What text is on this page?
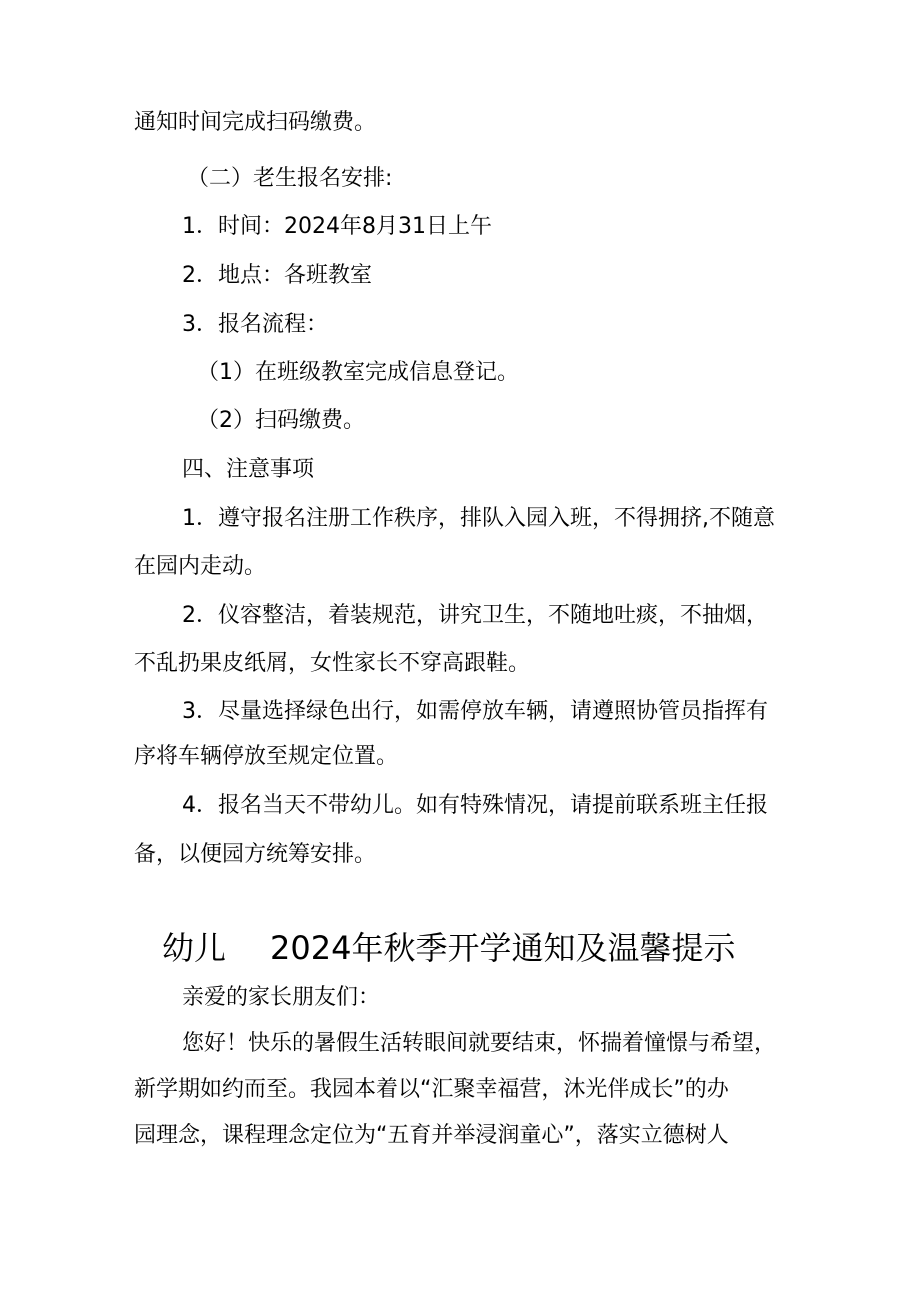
通知时间完成扫码缴费。
（二）老生报名安排:
1．时间：2024年8月31日上午
2．地点：各班教室
3．报名流程：
（1）在班级教室完成信息登记。
（2）扫码缴费。
四、注意事项
1．遵守报名注册工作秩序，排队入园入班，不得拥挤,不随意
在园内走动。
2．仪容整洁，着装规范，讲究卫生，不随地吐痰，不抽烟，
不乱扔果皮纸屑，女性家长不穿高跟鞋。
3．尽量选择绿色出行，如需停放车辆，请遵照协管员指挥有
序将车辆停放至规定位置。
4．报名当天不带幼儿。如有特殊情况，请提前联系班主任报
备，以便园方统筹安排。
幼儿 2024年秋季开学通知及温馨提示
亲爱的家长朋友们：
您好！快乐的暑假生活转眼间就要结束，怀揣着憧憬与希望，
新学期如约而至。我园本着以“汇聚幸福营，沐光伴成长”的办
园理念，课程理念定位为“五育并举浸润童心”，落实立德树人
